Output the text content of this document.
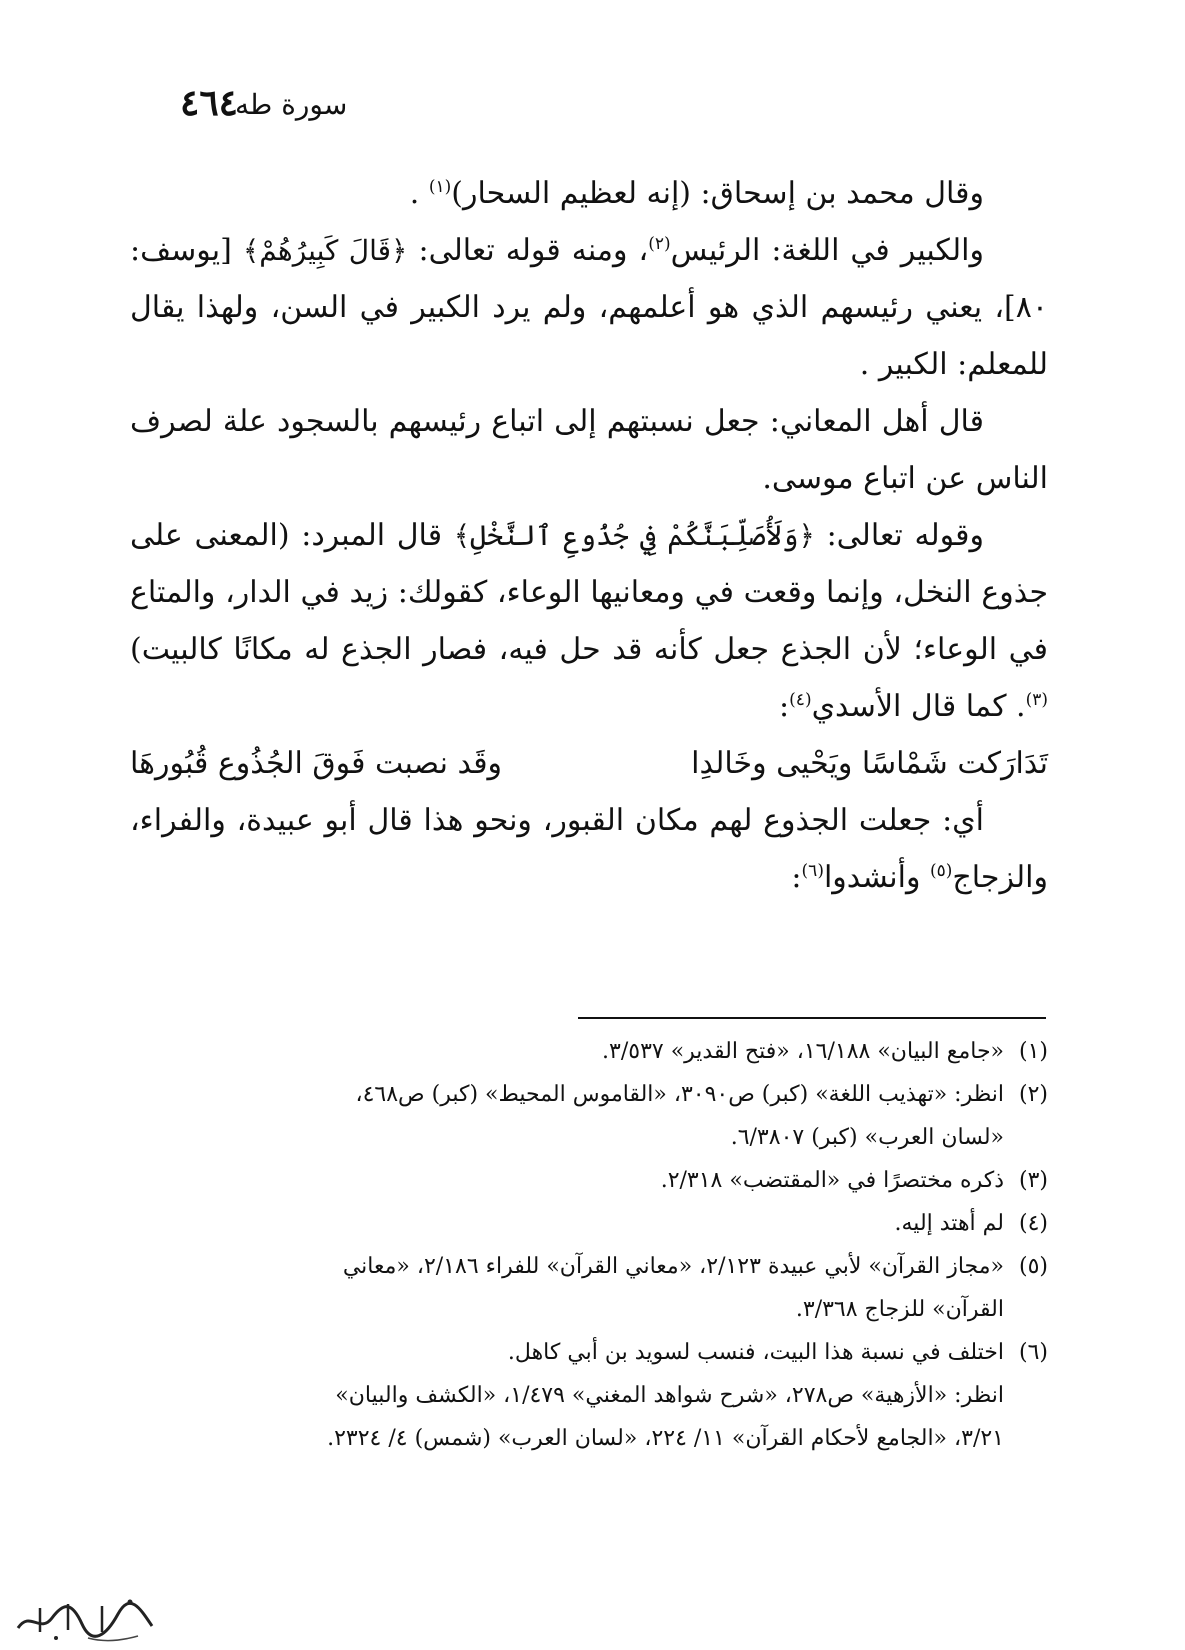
٤٦٤
سورة طه

وقال محمد بن إسحاق: (إنه لعظيم السحار)$^{(١)}$ .

والكبير في اللغة: الرئيس$^{(٢)}$، ومنه قوله تعالى: ﴿قَالَ كَبِيرُهُمْ﴾ [يوسف: ٨٠]، يعني رئيسهم الذي هو أعلمهم، ولم يرد الكبير في السن، ولهذا يقال للمعلم: الكبير .

قال أهل المعاني: جعل نسبتهم إلى اتباع رئيسهم بالسجود علة لصرف الناس عن اتباع موسى.

وقوله تعالى: ﴿وَلَأُصَلِّبَنَّكُمْ فِي جُذُوعِ ٱلنَّخْلِ﴾ قال المبرد: (المعنى على جذوع النخل، وإنما وقعت في ومعانيها الوعاء، كقولك: زيد في الدار، والمتاع في الوعاء؛ لأن الجذع جعل كأنه قد حل فيه، فصار الجذع له مكانًا كالبيت)$^{(٣)}$. كما قال الأسدي$^{(٤)}$:

تَدَارَكت شَمْاسًا ويَحْيى وخَالدِا
وقَد نصبت فَوقَ الجُذُوع قُبُورهَا

أي: جعلت الجذوع لهم مكان القبور، ونحو هذا قال أبو عبيدة، والفراء، والزجاج$^{(٥)}$ وأنشدوا$^{(٦)}$:

(١)
«جامع البيان» ١٦/١٨٨، «فتح القدير» ٣/٥٣٧.
(٢)
انظر: «تهذيب اللغة» (كبر) ص٣٠٩٠، «القاموس المحيط» (كبر) ص٤٦٨،
«لسان العرب» (كبر) ٦/٣٨٠٧.
(٣)
ذكره مختصرًا في «المقتضب» ٢/٣١٨.
(٤)
لم أهتد إليه.
(٥)
«مجاز القرآن» لأبي عبيدة ٢/١٢٣، «معاني القرآن» للفراء ٢/١٨٦، «معاني
القرآن» للزجاج ٣/٣٦٨.
(٦)
اختلف في نسبة هذا البيت، فنسب لسويد بن أبي كاهل.
انظر: «الأزهية» ص٢٧٨، «شرح شواهد المغني» ١/٤٧٩، «الكشف والبيان»
٣/٢١، «الجامع لأحكام القرآن» ١١/ ٢٢٤، «لسان العرب» (شمس) ٤/ ٢٣٢٤.
